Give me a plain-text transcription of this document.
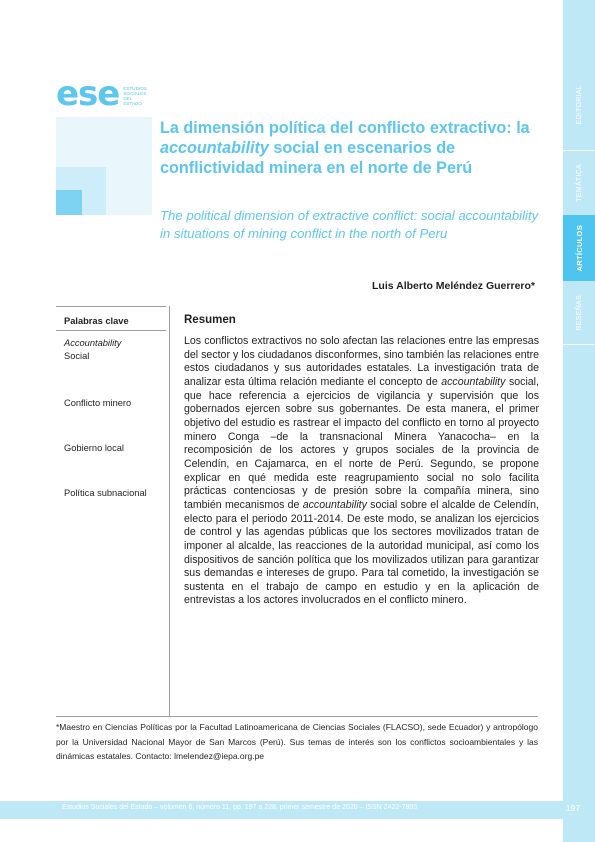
EDITORIAL
TEMÁTICA
ARTÍCULOS
RESEÑAS
ese ESTUDIOS
SOCIALES
DEL
ESTADO
La dimensión política del conflicto extractivo: la accountability social en escenarios de conflictividad minera en el norte de Perú

The political dimension of extractive conflict: social accountability in situations of mining conflict in the north of Peru

Luis Alberto Meléndez Guerrero*
Palabras clave
Accountability
Social
Conflicto minero
Gobierno local
Política subnacional
Resumen

Los conflictos extractivos no solo afectan las relaciones entre las empresas del sector y los ciudadanos disconformes, sino también las relaciones entre estos ciudadanos y sus autoridades estatales. La investigación trata de analizar esta última relación mediante el concepto de accountability social, que hace referencia a ejercicios de vigilancia y supervisión que los gobernados ejercen sobre sus gobernantes. De esta manera, el primer objetivo del estudio es rastrear el impacto del conflicto en torno al proyecto minero Conga –de la transnacional Minera Yanacocha– en la recomposición de los actores y grupos sociales de la provincia de Celendín, en Cajamarca, en el norte de Perú. Segundo, se propone explicar en qué medida este reagrupamiento social no solo facilita prácticas contenciosas y de presión sobre la compañía minera, sino también mecanismos de accountability social sobre el alcalde de Celendín, electo para el periodo 2011-2014. De este modo, se analizan los ejercicios de control y las agendas públicas que los sectores movilizados tratan de imponer al alcalde, las reacciones de la autoridad municipal, así como los dispositivos de sanción política que los movilizados utilizan para garantizar sus demandas e intereses de grupo. Para tal cometido, la investigación se sustenta en el trabajo de campo en estudio y en la aplicación de entrevistas a los actores involucrados en el conflicto minero.

*Maestro en Ciencias Políticas por la Facultad Latinoamericana de Ciencias Sociales (FLACSO), sede Ecuador) y antropólogo por la Universidad Nacional Mayor de San Marcos (Perú). Sus temas de interés son los conflictos socioambientales y las dinámicas estatales. Contacto: lmelendez@iepa.org.pe

Estudios Sociales del Estado – volumen 6, número 11, pp. 197 a 228, primer semestre de 2020 – ISSN 2422-7803	197
